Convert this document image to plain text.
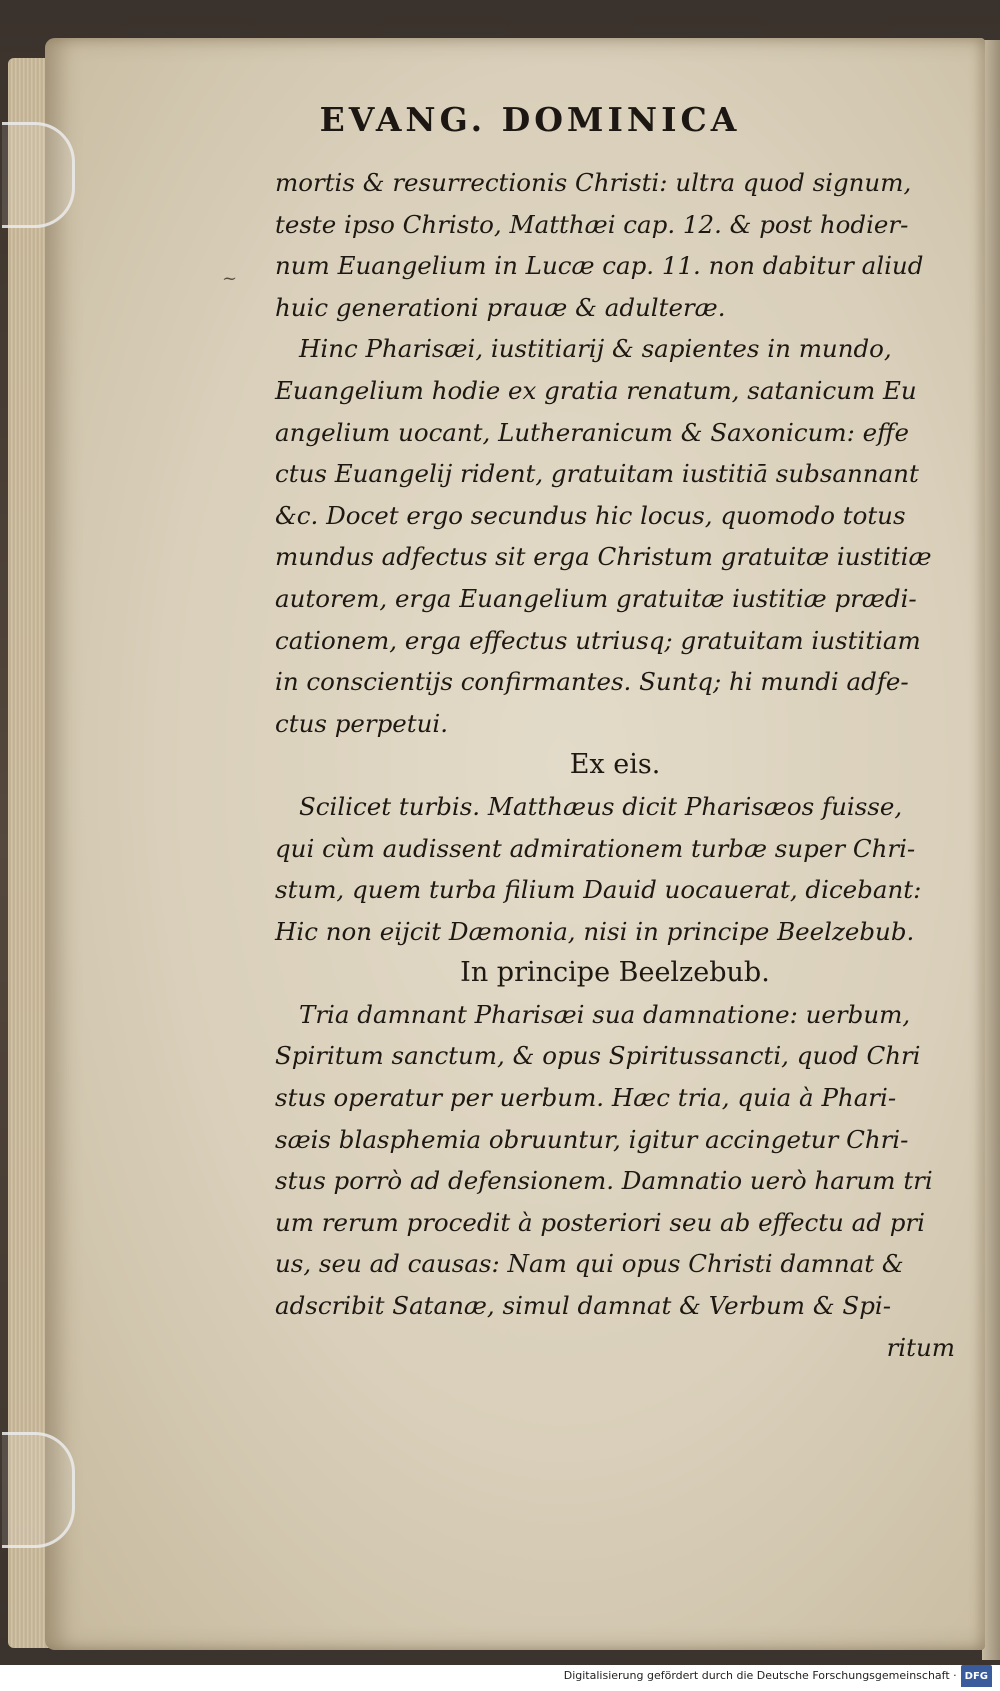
EVANG. DOMINICA
~
mortis & resurrectionis Christi: ultra quod signum,
teste ipso Christo, Matthæi cap. 12. & post hodier-
num Euangelium in Lucæ cap. 11. non dabitur aliud
huic generationi prauæ & adulteræ.
Hinc Pharisæi, iustitiarij & sapientes in mundo,
Euangelium hodie ex gratia renatum, satanicum Eu
angelium uocant, Lutheranicum & Saxonicum: effe
ctus Euangelij rident, gratuitam iustitiā subsannant
&c. Docet ergo secundus hic locus, quomodo totus
mundus adfectus sit erga Christum gratuitæ iustitiæ
autorem, erga Euangelium gratuitæ iustitiæ prædi-
cationem, erga effectus utriusq; gratuitam iustitiam
in conscientijs confirmantes. Suntq; hi mundi adfe-
ctus perpetui.
Ex eis.
Scilicet turbis. Matthæus dicit Pharisæos fuisse,
qui cùm audissent admirationem turbæ super Chri-
stum, quem turba filium Dauid uocauerat, dicebant:
Hic non eijcit Dæmonia, nisi in principe Beelzebub.
In principe Beelzebub.
Tria damnant Pharisæi sua damnatione: uerbum,
Spiritum sanctum, & opus Spiritussancti, quod Chri
stus operatur per uerbum. Hæc tria, quia à Phari-
sæis blasphemia obruuntur, igitur accingetur Chri-
stus porrò ad defensionem. Damnatio uerò harum tri
um rerum procedit à posteriori seu ab effectu ad pri
us, seu ad causas: Nam qui opus Christi damnat &
adscribit Satanæ, simul damnat & Verbum & Spi-
ritum
Digitalisierung gefördert durch die Deutsche Forschungsgemeinschaft · DFG
